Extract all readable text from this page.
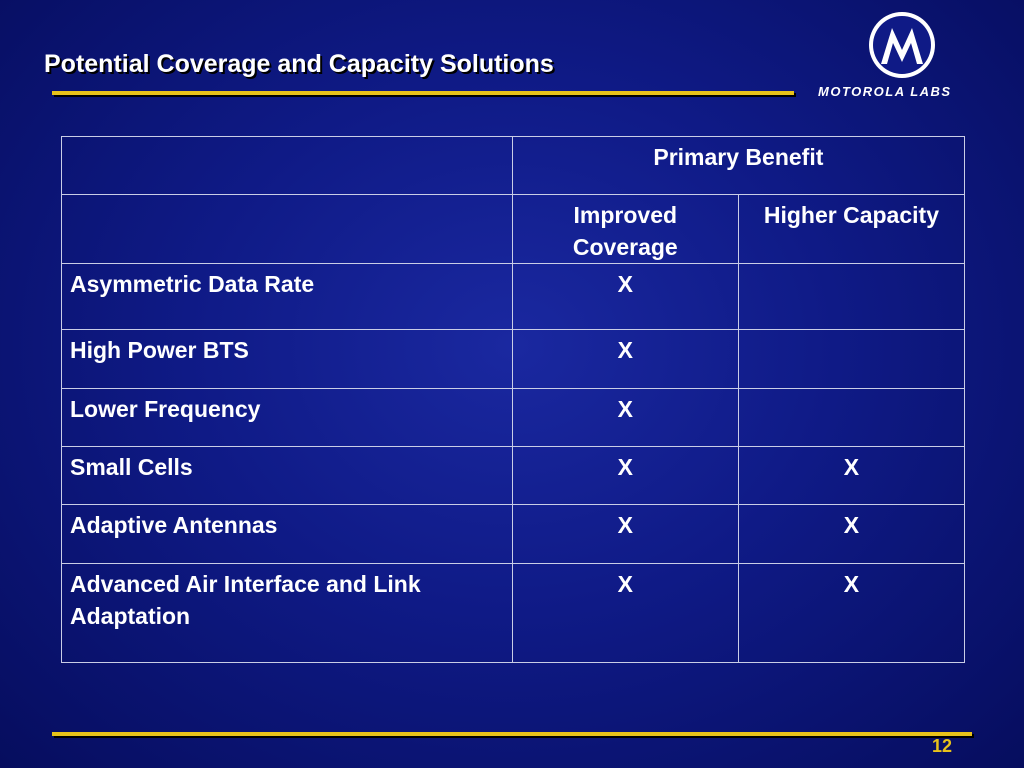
Potential Coverage and Capacity Solutions
MOTOROLA LABS
	Primary Benefit	
	Improved Coverage	Higher Capacity
Asymmetric Data Rate	X	
High Power BTS	X	
Lower Frequency	X	
Small Cells	X	X
Adaptive Antennas	X	X
Advanced Air Interface and Link Adaptation	X	X
12
